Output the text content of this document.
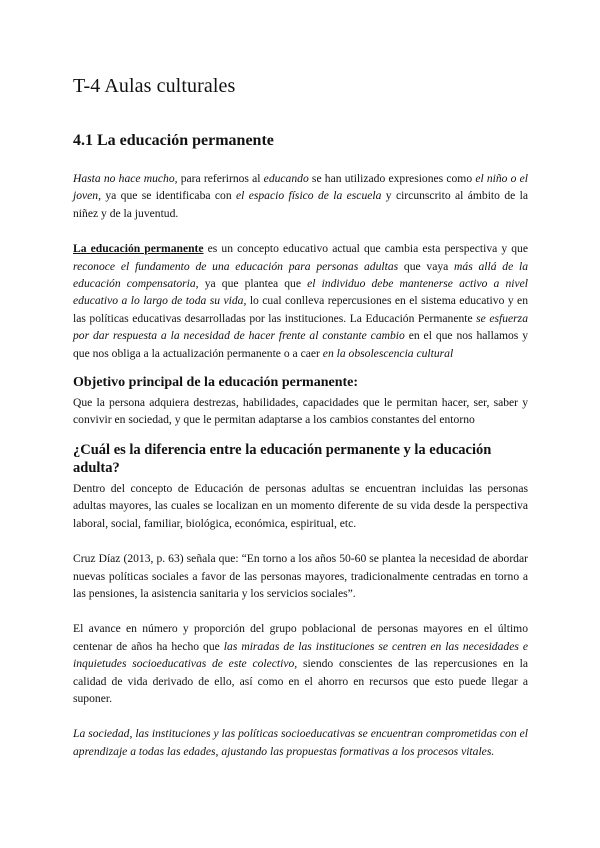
T-4 Aulas culturales
4.1 La educación permanente

Hasta no hace mucho, para referirnos al educando se han utilizado expresiones como el niño o el joven, ya que se identificaba con el espacio físico de la escuela y circunscrito al ámbito de la niñez y de la juventud.

La educación permanente es un concepto educativo actual que cambia esta perspectiva y que reconoce el fundamento de una educación para personas adultas que vaya más allá de la educación compensatoria, ya que plantea que el individuo debe mantenerse activo a nivel educativo a lo largo de toda su vida, lo cual conlleva repercusiones en el sistema educativo y en las políticas educativas desarrolladas por las instituciones. La Educación Permanente se esfuerza por dar respuesta a la necesidad de hacer frente al constante cambio en el que nos hallamos y que nos obliga a la actualización permanente o a caer en la obsolescencia cultural

Objetivo principal de la educación permanente:

Que la persona adquiera destrezas, habilidades, capacidades que le permitan hacer, ser, saber y convivir en sociedad, y que le permitan adaptarse a los cambios constantes del entorno

¿Cuál es la diferencia entre la educación permanente y la educación adulta?

Dentro del concepto de Educación de personas adultas se encuentran incluidas las personas adultas mayores, las cuales se localizan en un momento diferente de su vida desde la perspectiva laboral, social, familiar, biológica, económica, espiritual, etc.

Cruz Díaz (2013, p. 63) señala que: “En torno a los años 50-60 se plantea la necesidad de abordar nuevas políticas sociales a favor de las personas mayores, tradicionalmente centradas en torno a las pensiones, la asistencia sanitaria y los servicios sociales”.

El avance en número y proporción del grupo poblacional de personas mayores en el último centenar de años ha hecho que las miradas de las instituciones se centren en las necesidades e inquietudes socioeducativas de este colectivo, siendo conscientes de las repercusiones en la calidad de vida derivado de ello, así como en el ahorro en recursos que esto puede llegar a suponer.

La sociedad, las instituciones y las políticas socioeducativas se encuentran comprometidas con el aprendizaje a todas las edades, ajustando las propuestas formativas a los procesos vitales.
